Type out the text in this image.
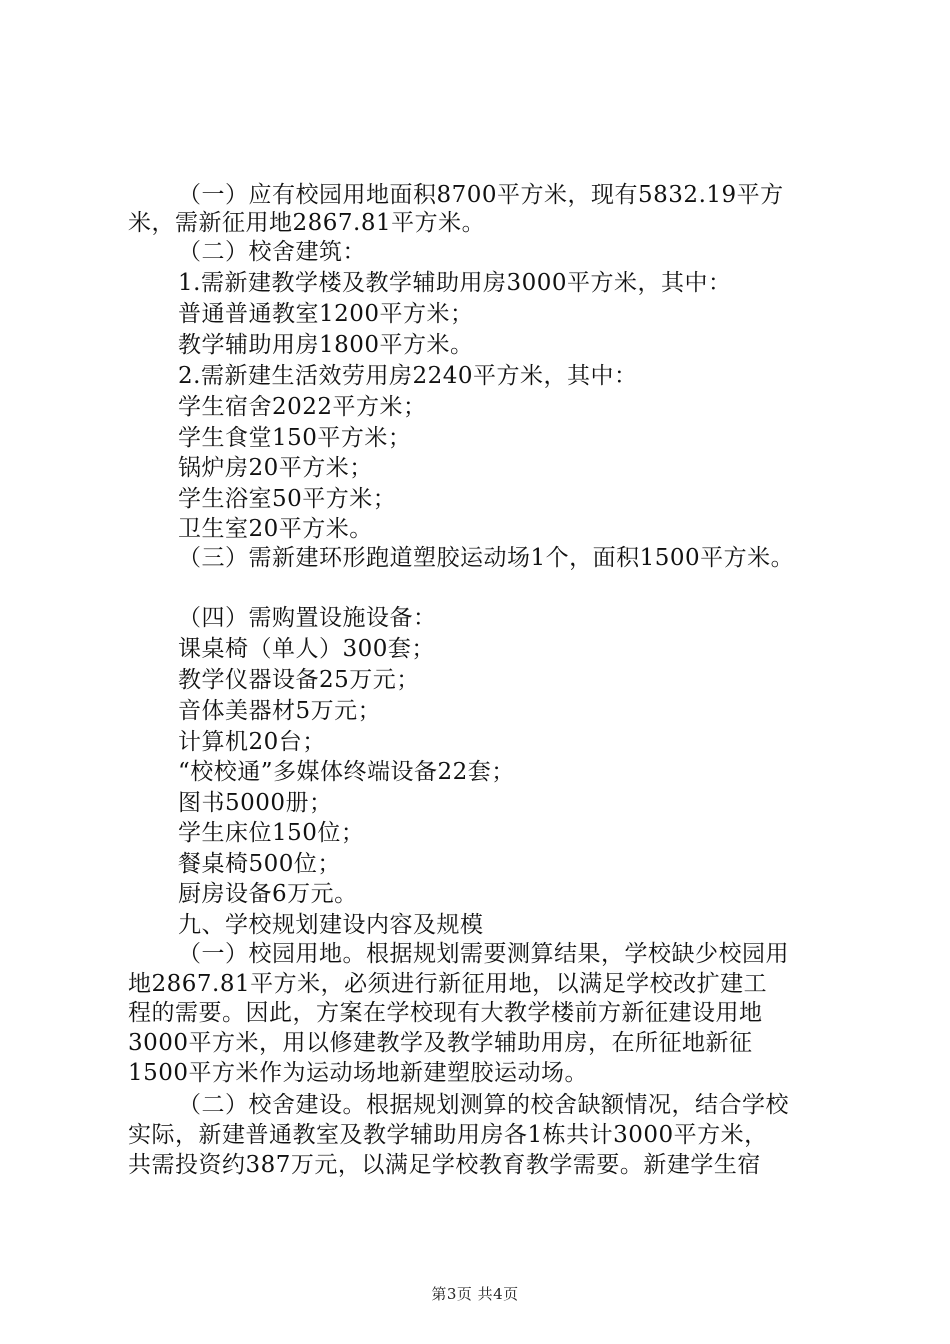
（一）应有校园用地面积8700平方米，现有5832.19平方
米，需新征用地2867.81平方米。
（二）校舍建筑：
1.需新建教学楼及教学辅助用房3000平方米，其中：
普通普通教室1200平方米；
教学辅助用房1800平方米。
2.需新建生活效劳用房2240平方米，其中：
学生宿舍2022平方米；
学生食堂150平方米；
锅炉房20平方米；
学生浴室50平方米；
卫生室20平方米。
（三）需新建环形跑道塑胶运动场1个，面积1500平方米。
（四）需购置设施设备：
课桌椅（单人）300套；
教学仪器设备25万元；
音体美器材5万元；
计算机20台；
“校校通”多媒体终端设备22套；
图书5000册；
学生床位150位；
餐桌椅500位；
厨房设备6万元。
九、学校规划建设内容及规模
（一）校园用地。根据规划需要测算结果，学校缺少校园用
地2867.81平方米，必须进行新征用地，以满足学校改扩建工
程的需要。因此，方案在学校现有大教学楼前方新征建设用地
3000平方米，用以修建教学及教学辅助用房，在所征地新征
1500平方米作为运动场地新建塑胶运动场。
（二）校舍建设。根据规划测算的校舍缺额情况，结合学校
实际，新建普通教室及教学辅助用房各1栋共计3000平方米，
共需投资约387万元，以满足学校教育教学需要。新建学生宿
第3页 共4页
